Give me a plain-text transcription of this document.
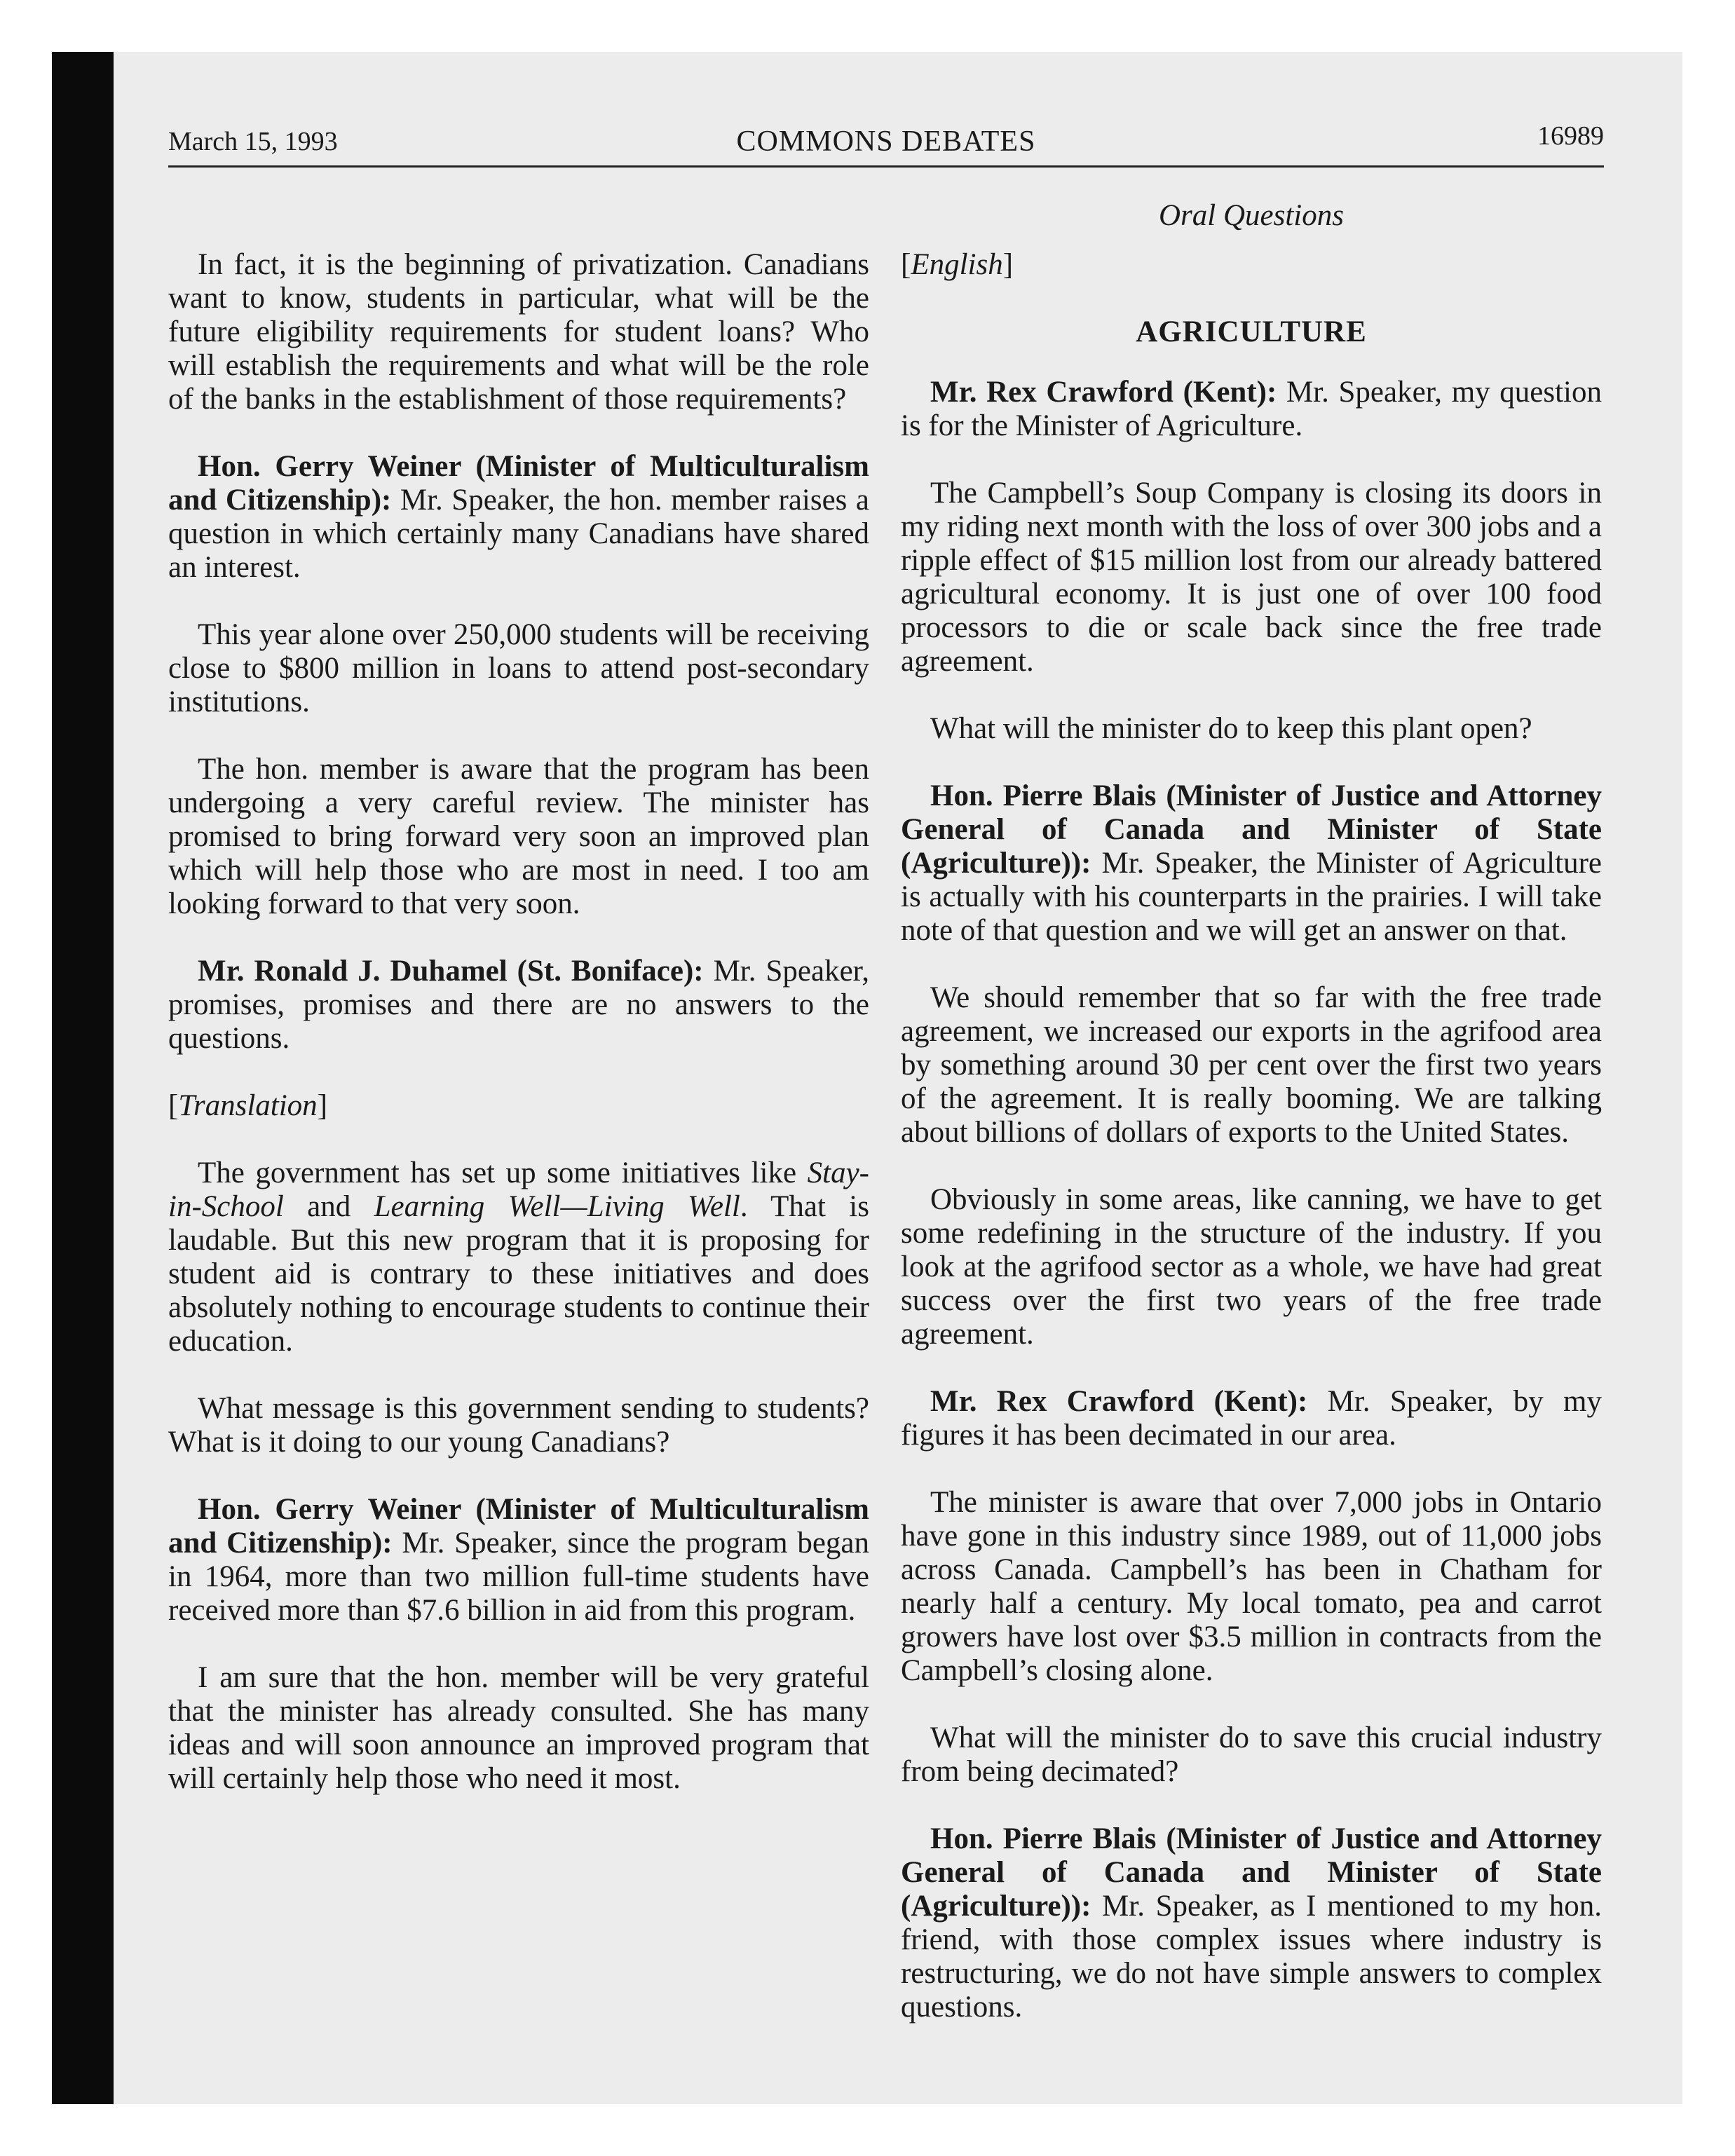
March 15, 1993	COMMONS DEBATES	16989

In fact, it is the beginning of privatization. Canadians want to know, students in particular, what will be the future eligibility requirements for student loans? Who will establish the requirements and what will be the role of the banks in the establishment of those requirements?

Hon. Gerry Weiner (Minister of Multiculturalism and Citizenship): Mr. Speaker, the hon. member raises a question in which certainly many Canadians have shared an interest.

This year alone over 250,000 students will be receiving close to $800 million in loans to attend post-secondary institutions.

The hon. member is aware that the program has been undergoing a very careful review. The minister has promised to bring forward very soon an improved plan which will help those who are most in need. I too am looking forward to that very soon.

Mr. Ronald J. Duhamel (St. Boniface): Mr. Speaker, promises, promises and there are no answers to the questions.

[Translation]

The government has set up some initiatives like Stay-in-School and Learning Well—Living Well. That is laudable. But this new program that it is proposing for student aid is contrary to these initiatives and does absolutely nothing to encourage students to continue their education.

What message is this government sending to students? What is it doing to our young Canadians?

Hon. Gerry Weiner (Minister of Multiculturalism and Citizenship): Mr. Speaker, since the program began in 1964, more than two million full-time students have received more than $7.6 billion in aid from this program.

I am sure that the hon. member will be very grateful that the minister has already consulted. She has many ideas and will soon announce an improved program that will certainly help those who need it most.

Oral Questions
[English]
AGRICULTURE

Mr. Rex Crawford (Kent): Mr. Speaker, my question is for the Minister of Agriculture.

The Campbell’s Soup Company is closing its doors in my riding next month with the loss of over 300 jobs and a ripple effect of $15 million lost from our already battered agricultural economy. It is just one of over 100 food processors to die or scale back since the free trade agreement.

What will the minister do to keep this plant open?

Hon. Pierre Blais (Minister of Justice and Attorney General of Canada and Minister of State (Agriculture)): Mr. Speaker, the Minister of Agriculture is actually with his counterparts in the prairies. I will take note of that question and we will get an answer on that.

We should remember that so far with the free trade agreement, we increased our exports in the agrifood area by something around 30 per cent over the first two years of the agreement. It is really booming. We are talking about billions of dollars of exports to the United States.

Obviously in some areas, like canning, we have to get some redefining in the structure of the industry. If you look at the agrifood sector as a whole, we have had great success over the first two years of the free trade agreement.

Mr. Rex Crawford (Kent): Mr. Speaker, by my figures it has been decimated in our area.

The minister is aware that over 7,000 jobs in Ontario have gone in this industry since 1989, out of 11,000 jobs across Canada. Campbell’s has been in Chatham for nearly half a century. My local tomato, pea and carrot growers have lost over $3.5 million in contracts from the Campbell’s closing alone.

What will the minister do to save this crucial industry from being decimated?

Hon. Pierre Blais (Minister of Justice and Attorney General of Canada and Minister of State (Agriculture)): Mr. Speaker, as I mentioned to my hon. friend, with those complex issues where industry is restructuring, we do not have simple answers to complex questions.
